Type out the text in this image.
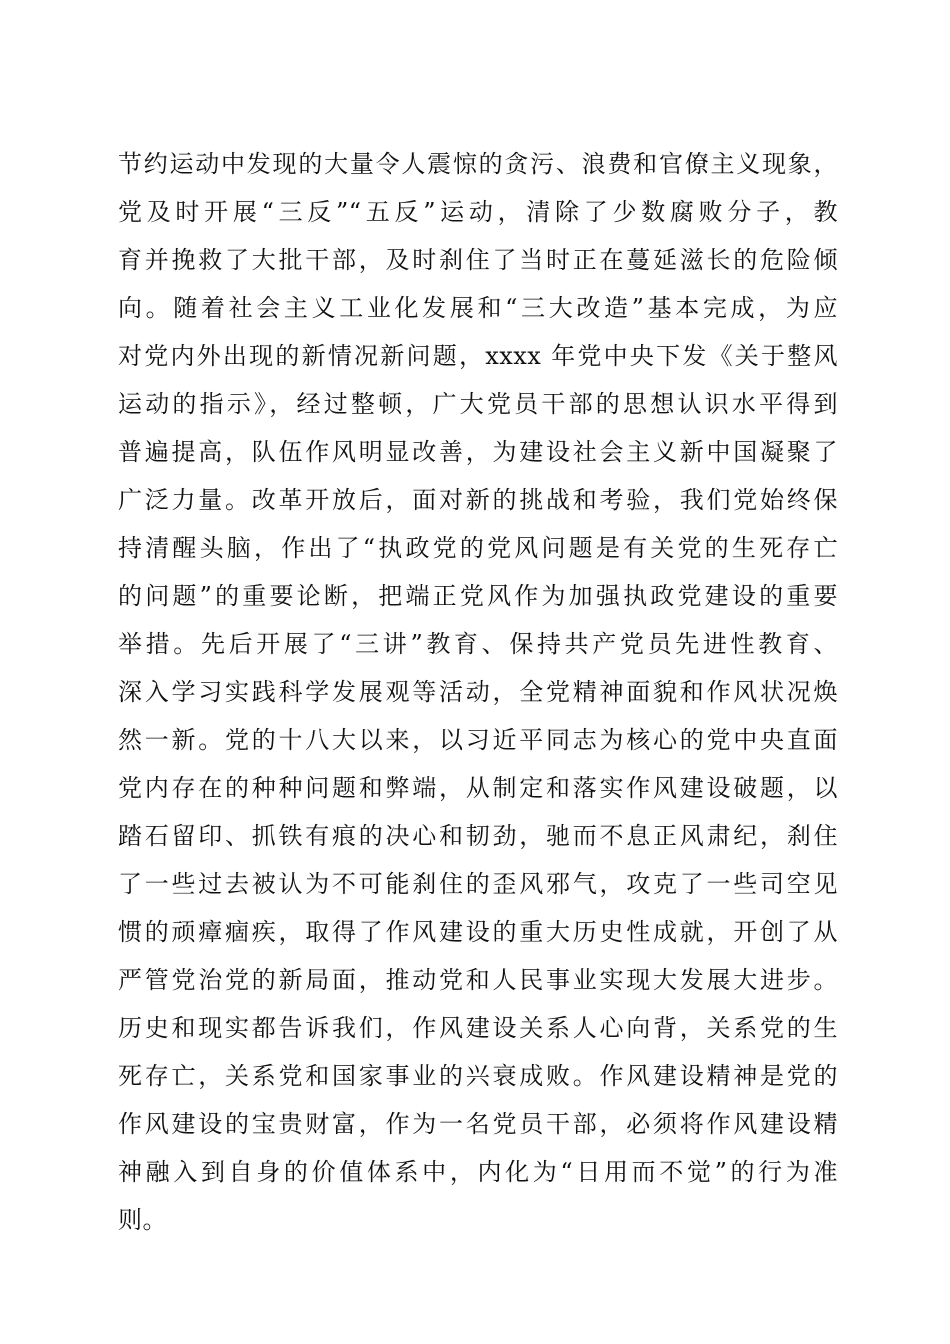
节约运动中发现的大量令人震惊的贪污、浪费和官僚主义现象，
党及时开展“三反”“五反”运动，清除了少数腐败分子，教
育并挽救了大批干部，及时刹住了当时正在蔓延滋长的危险倾
向。随着社会主义工业化发展和“三大改造”基本完成，为应
对党内外出现的新情况新问题，xxxx 年党中央下发《关于整风
运动的指示》，经过整顿，广大党员干部的思想认识水平得到
普遍提高，队伍作风明显改善，为建设社会主义新中国凝聚了
广泛力量。改革开放后，面对新的挑战和考验，我们党始终保
持清醒头脑，作出了“执政党的党风问题是有关党的生死存亡
的问题”的重要论断，把端正党风作为加强执政党建设的重要
举措。先后开展了“三讲”教育、保持共产党员先进性教育、
深入学习实践科学发展观等活动，全党精神面貌和作风状况焕
然一新。党的十八大以来，以习近平同志为核心的党中央直面
党内存在的种种问题和弊端，从制定和落实作风建设破题，以
踏石留印、抓铁有痕的决心和韧劲，驰而不息正风肃纪，刹住
了一些过去被认为不可能刹住的歪风邪气，攻克了一些司空见
惯的顽瘴痼疾，取得了作风建设的重大历史性成就，开创了从
严管党治党的新局面，推动党和人民事业实现大发展大进步。
历史和现实都告诉我们，作风建设关系人心向背，关系党的生
死存亡，关系党和国家事业的兴衰成败。作风建设精神是党的
作风建设的宝贵财富，作为一名党员干部，必须将作风建设精
神融入到自身的价值体系中，内化为“日用而不觉”的行为准
则。
